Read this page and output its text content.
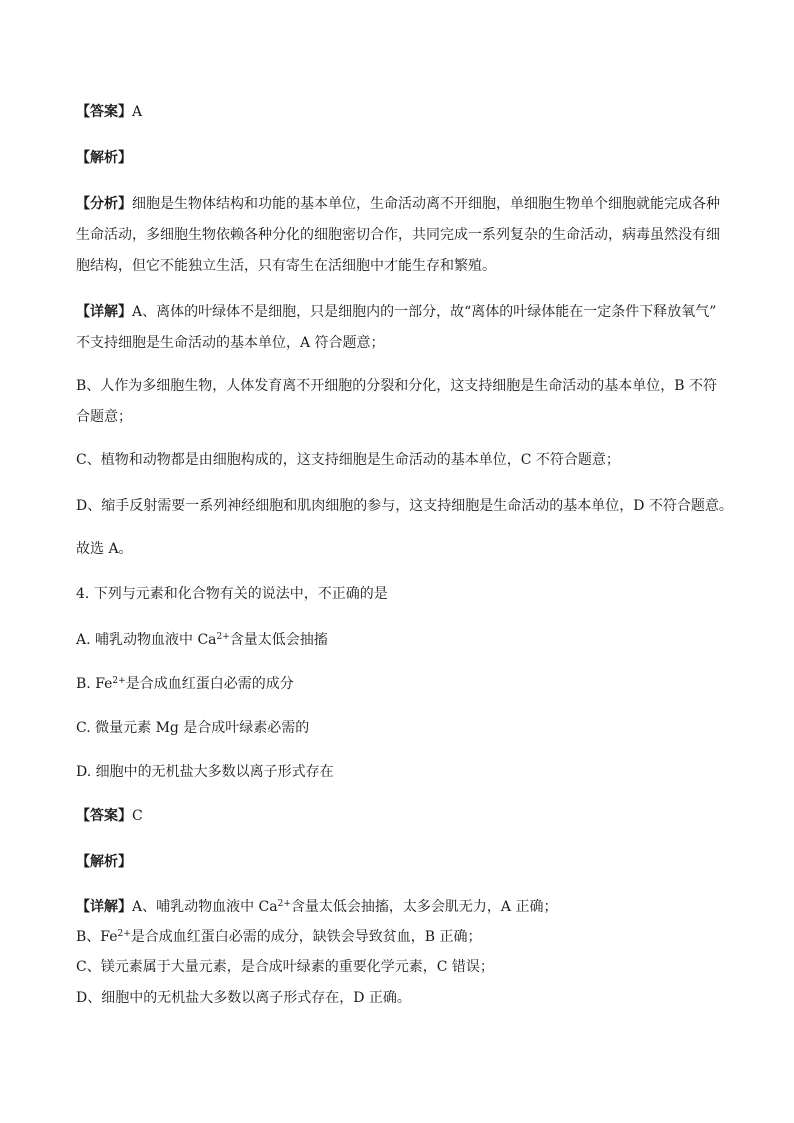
【答案】A
【解析】
【分析】细胞是生物体结构和功能的基本单位，生命活动离不开细胞，单细胞生物单个细胞就能完成各种
生命活动，多细胞生物依赖各种分化的细胞密切合作，共同完成一系列复杂的生命活动，病毒虽然没有细
胞结构，但它不能独立生活，只有寄生在活细胞中才能生存和繁殖。
【详解】A、离体的叶绿体不是细胞，只是细胞内的一部分，故“离体的叶绿体能在一定条件下释放氧气”
不支持细胞是生命活动的基本单位，A 符合题意；
B、人作为多细胞生物，人体发育离不开细胞的分裂和分化，这支持细胞是生命活动的基本单位，B 不符
合题意；
C、植物和动物都是由细胞构成的，这支持细胞是生命活动的基本单位，C 不符合题意；
D、缩手反射需要一系列神经细胞和肌肉细胞的参与，这支持细胞是生命活动的基本单位，D 不符合题意。
故选 A。
4. 下列与元素和化合物有关的说法中，不正确的是
A. 哺乳动物血液中 $Ca^{2+}$含量太低会抽搐
B. $Fe^{2+}$是合成血红蛋白必需的成分
C. 微量元素 Mg 是合成叶绿素必需的
D. 细胞中的无机盐大多数以离子形式存在
【答案】C
【解析】
【详解】A、哺乳动物血液中 $Ca^{2+}$含量太低会抽搐，太多会肌无力，A 正确；
B、$Fe^{2+}$是合成血红蛋白必需的成分，缺铁会导致贫血，B 正确；
C、镁元素属于大量元素，是合成叶绿素的重要化学元素，C 错误；
D、细胞中的无机盐大多数以离子形式存在，D 正确。
